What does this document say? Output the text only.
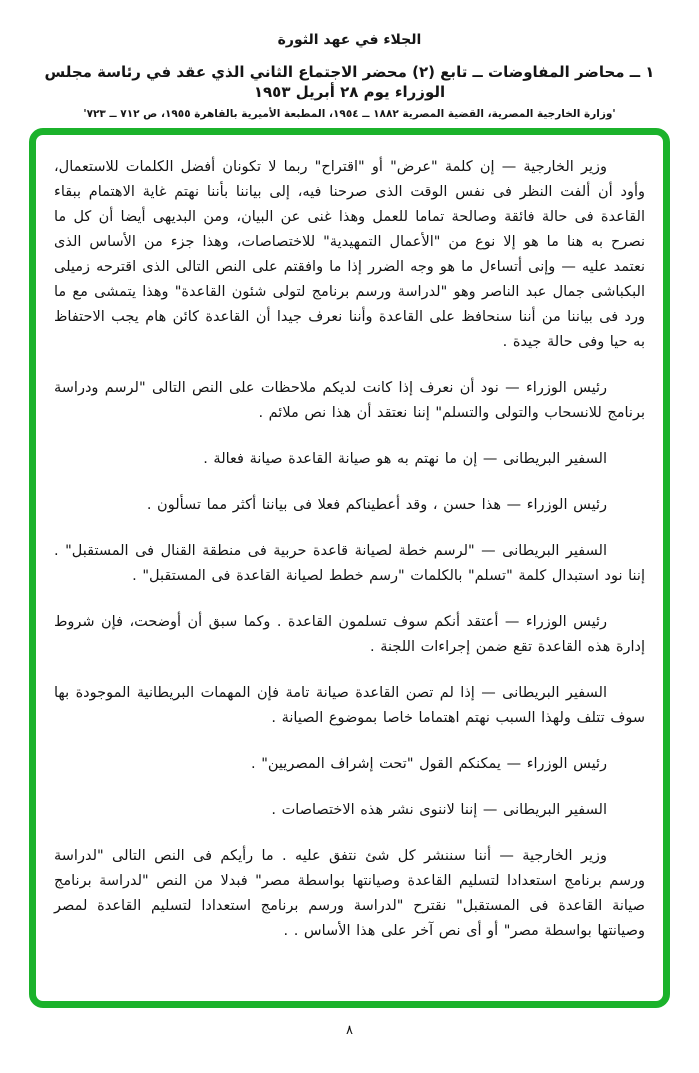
الجلاء في عهد الثورة
١ ــ محاضر المفاوضات ــ تابع (٢) محضر الاجتماع الثاني الذي عقد في رئاسة مجلس الوزراء يوم ٢٨ أبريل ١٩٥٣
'وزارة الخارجية المصرية، القضية المصرية ١٨٨٢ ــ ١٩٥٤، المطبعة الأميرية بالقاهرة ١٩٥٥، ص ٧١٢ ــ ٧٢٣'

وزير الخارجية — إن كلمة "عرض" أو "اقتراح" ربما لا تكونان أفضل الكلمات للاستعمال، وأود أن ألفت النظر فى نفس الوقت الذى صرحنا فيه، إلى بياننا بأننا نهتم غاية الاهتمام ببقاء القاعدة فى حالة فائقة وصالحة تماما للعمل وهذا غنى عن البيان، ومن البديهى أيضا أن كل ما نصرح به هنا ما هو إلا نوع من "الأعمال التمهيدية" للاختصاصات، وهذا جزء من الأساس الذى نعتمد عليه — وإنى أتساءل ما هو وجه الضرر إذا ما وافقتم على النص التالى الذى اقترحه زميلى البكباشى جمال عبد الناصر وهو "لدراسة ورسم برنامج لتولى شئون القاعدة" وهذا يتمشى مع ما ورد فى بياننا من أننا سنحافظ على القاعدة وأننا نعرف جيدا أن القاعدة كائن هام يجب الاحتفاظ به حيا وفى حالة جيدة .

رئيس الوزراء — نود أن نعرف إذا كانت لديكم ملاحظات على النص التالى "لرسم ودراسة برنامج للانسحاب والتولى والتسلم" إننا نعتقد أن هذا نص ملائم .

السفير البريطانى — إن ما نهتم به هو صيانة القاعدة صيانة فعالة .

رئيس الوزراء — هذا حسن ، وقد أعطيناكم فعلا فى بياننا أكثر مما تسألون .

السفير البريطانى — "لرسم خطة لصيانة قاعدة حربية فى منطقة القنال فى المستقبل" . إننا نود استبدال كلمة "تسلم" بالكلمات "رسم خطط لصيانة القاعدة فى المستقبل" .

رئيس الوزراء — أعتقد أنكم سوف تسلمون القاعدة . وكما سبق أن أوضحت، فإن شروط إدارة هذه القاعدة تقع ضمن إجراءات اللجنة .

السفير البريطانى — إذا لم تصن القاعدة صيانة تامة فإن المهمات البريطانية الموجودة بها سوف تتلف ولهذا السبب نهتم اهتماما خاصا بموضوع الصيانة .

رئيس الوزراء — يمكنكم القول "تحت إشراف المصريين" .

السفير البريطانى — إننا لاننوى نشر هذه الاختصاصات .

وزير الخارجية — أننا سننشر كل شئ نتفق عليه . ما رأيكم فى النص التالى "لدراسة ورسم برنامج استعدادا لتسليم القاعدة وصيانتها بواسطة مصر" فبدلا من النص "لدراسة برنامج صيانة القاعدة فى المستقبل" نقترح "لدراسة ورسم برنامج استعدادا لتسليم القاعدة لمصر وصيانتها بواسطة مصر" أو أى نص آخر على هذا الأساس . .

٨
